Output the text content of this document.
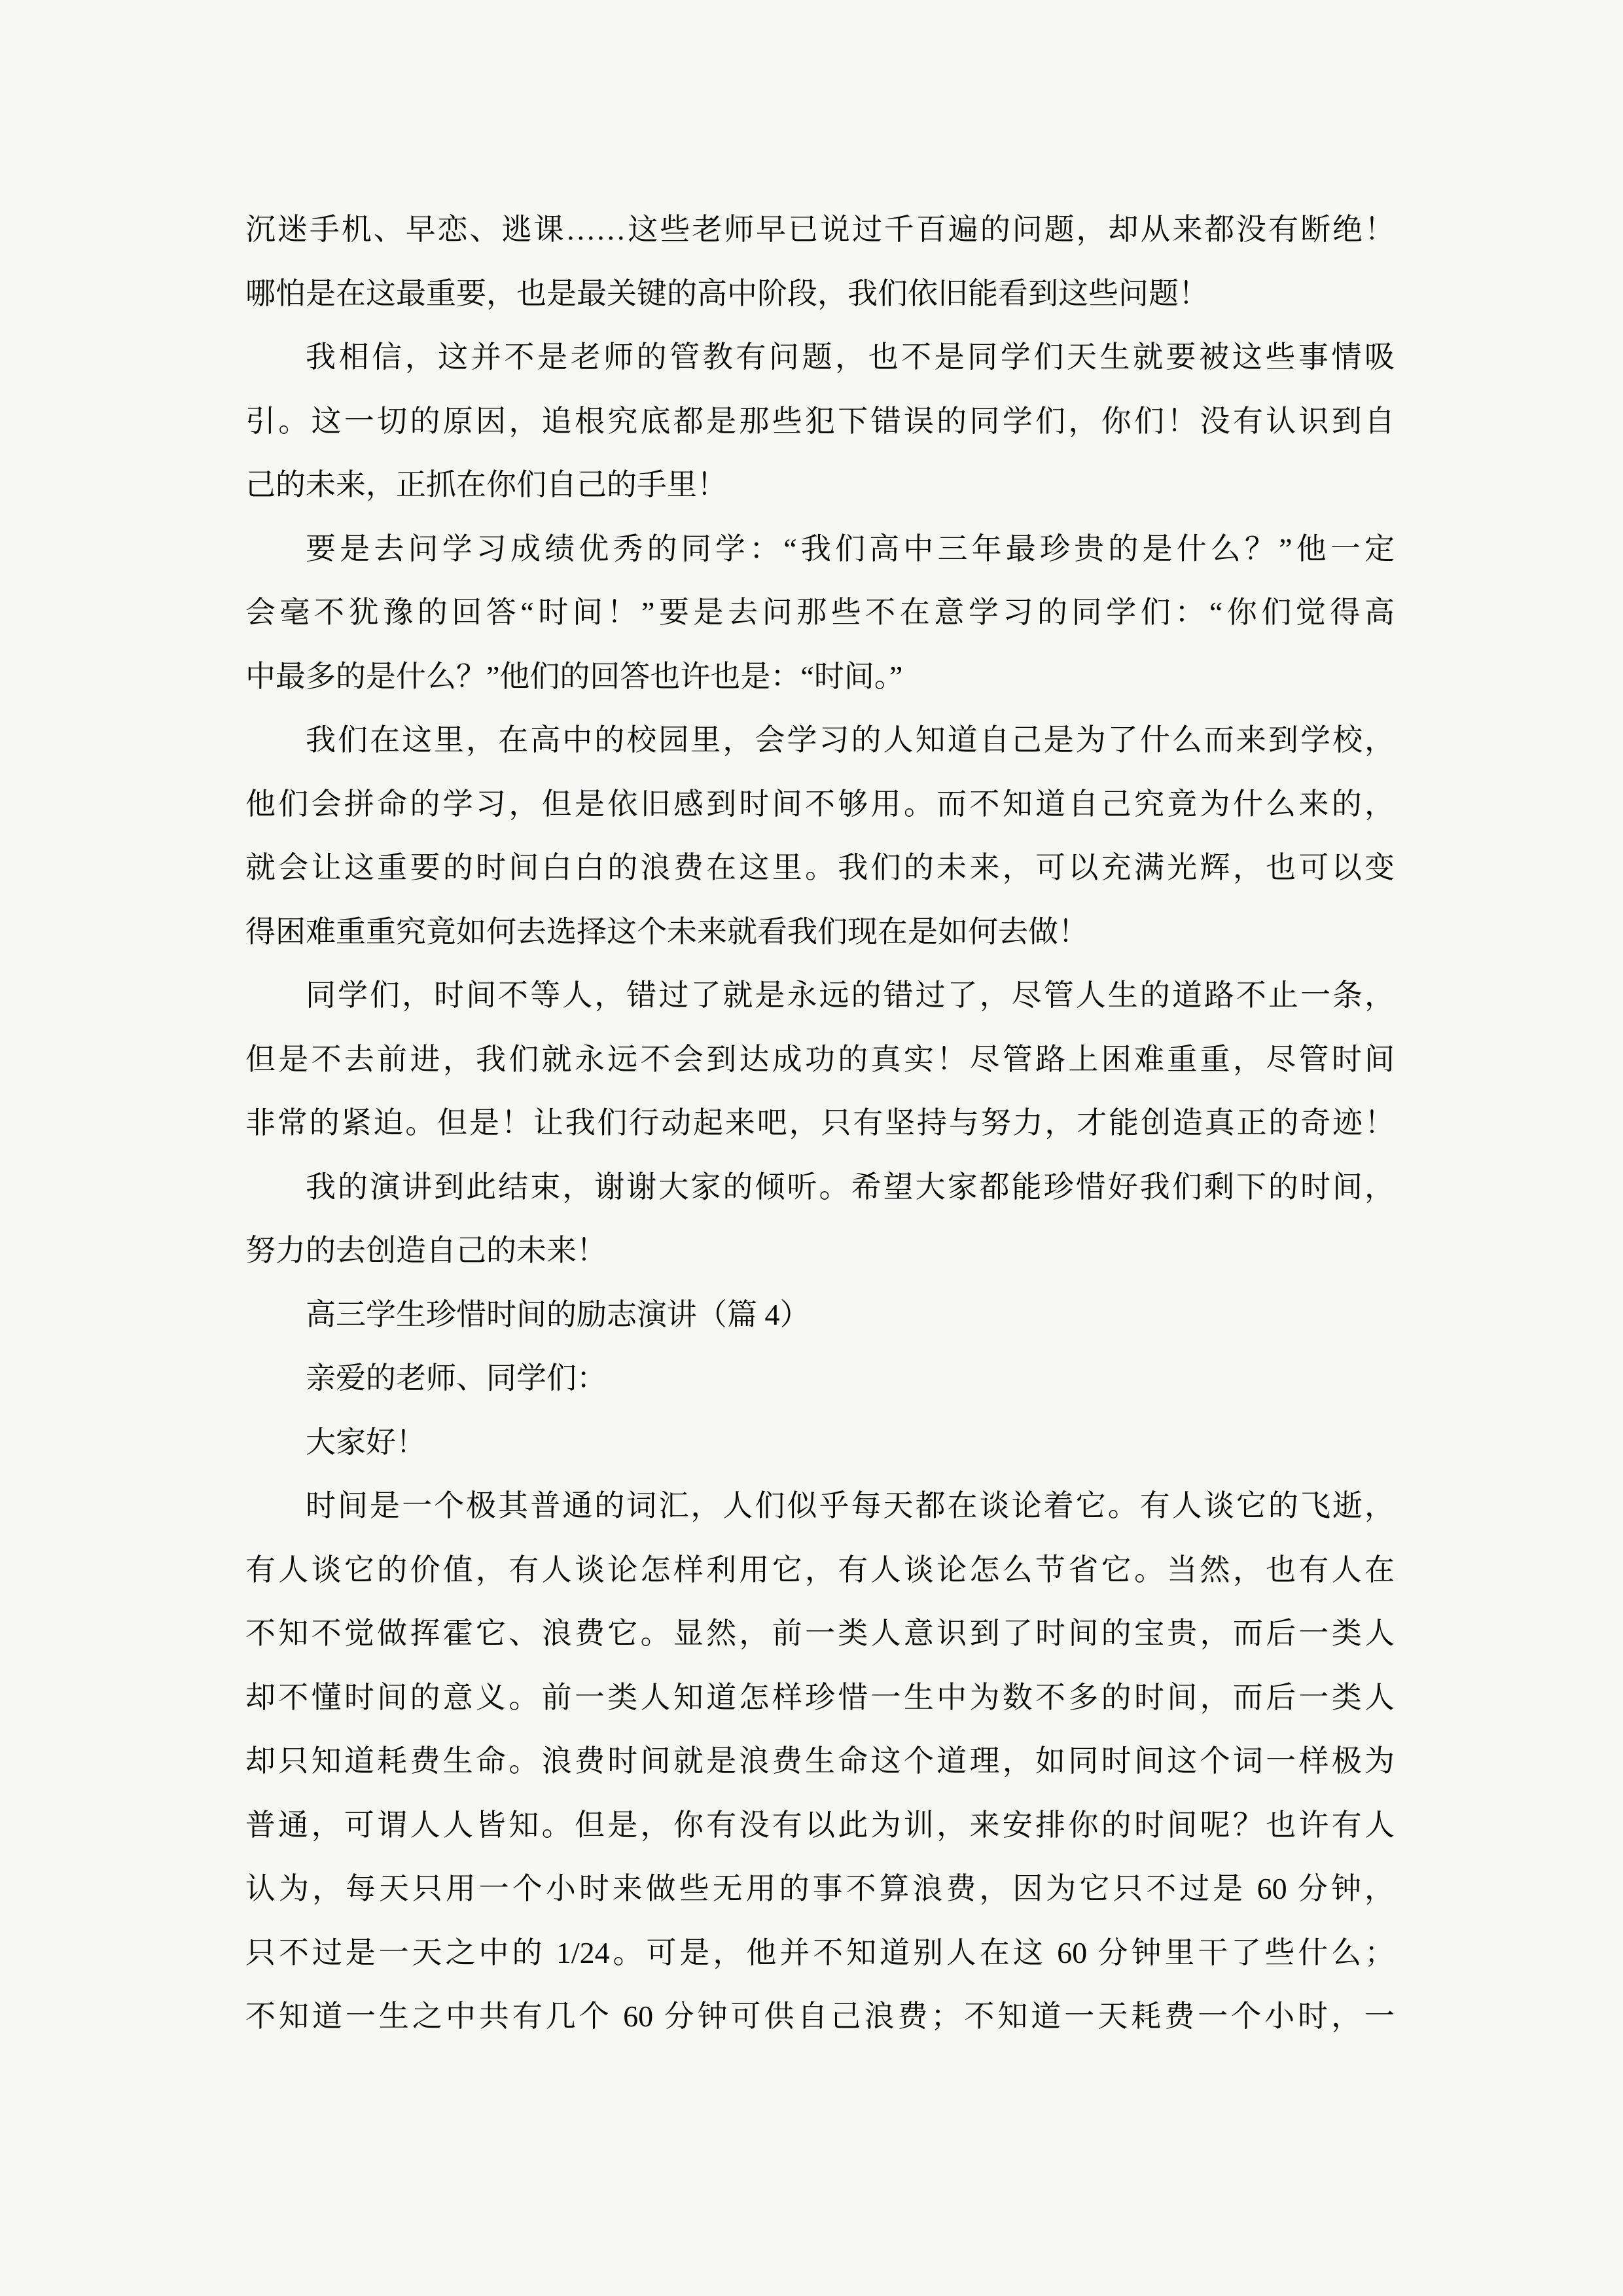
沉迷手机、早恋、逃课……这些老师早已说过千百遍的问题，却从来都没有断绝！
哪怕是在这最重要，也是最关键的高中阶段，我们依旧能看到这些问题！
我相信，这并不是老师的管教有问题，也不是同学们天生就要被这些事情吸
引。这一切的原因，追根究底都是那些犯下错误的同学们，你们！没有认识到自
己的未来，正抓在你们自己的手里！
要是去问学习成绩优秀的同学：“我们高中三年最珍贵的是什么？”他一定
会毫不犹豫的回答“时间！”要是去问那些不在意学习的同学们：“你们觉得高
中最多的是什么？”他们的回答也许也是：“时间。”
我们在这里，在高中的校园里，会学习的人知道自己是为了什么而来到学校，
他们会拼命的学习，但是依旧感到时间不够用。而不知道自己究竟为什么来的，
就会让这重要的时间白白的浪费在这里。我们的未来，可以充满光辉，也可以变
得困难重重究竟如何去选择这个未来就看我们现在是如何去做！
同学们，时间不等人，错过了就是永远的错过了，尽管人生的道路不止一条，
但是不去前进，我们就永远不会到达成功的真实！尽管路上困难重重，尽管时间
非常的紧迫。但是！让我们行动起来吧，只有坚持与努力，才能创造真正的奇迹！
我的演讲到此结束，谢谢大家的倾听。希望大家都能珍惜好我们剩下的时间，
努力的去创造自己的未来！
高三学生珍惜时间的励志演讲（篇 4）
亲爱的老师、同学们：
大家好！
时间是一个极其普通的词汇，人们似乎每天都在谈论着它。有人谈它的飞逝，
有人谈它的价值，有人谈论怎样利用它，有人谈论怎么节省它。当然，也有人在
不知不觉做挥霍它、浪费它。显然，前一类人意识到了时间的宝贵，而后一类人
却不懂时间的意义。前一类人知道怎样珍惜一生中为数不多的时间，而后一类人
却只知道耗费生命。浪费时间就是浪费生命这个道理，如同时间这个词一样极为
普通，可谓人人皆知。但是，你有没有以此为训，来安排你的时间呢？也许有人
认为，每天只用一个小时来做些无用的事不算浪费，因为它只不过是 60 分钟，
只不过是一天之中的 1/24。可是，他并不知道别人在这 60 分钟里干了些什么；
不知道一生之中共有几个 60 分钟可供自己浪费；不知道一天耗费一个小时，一
